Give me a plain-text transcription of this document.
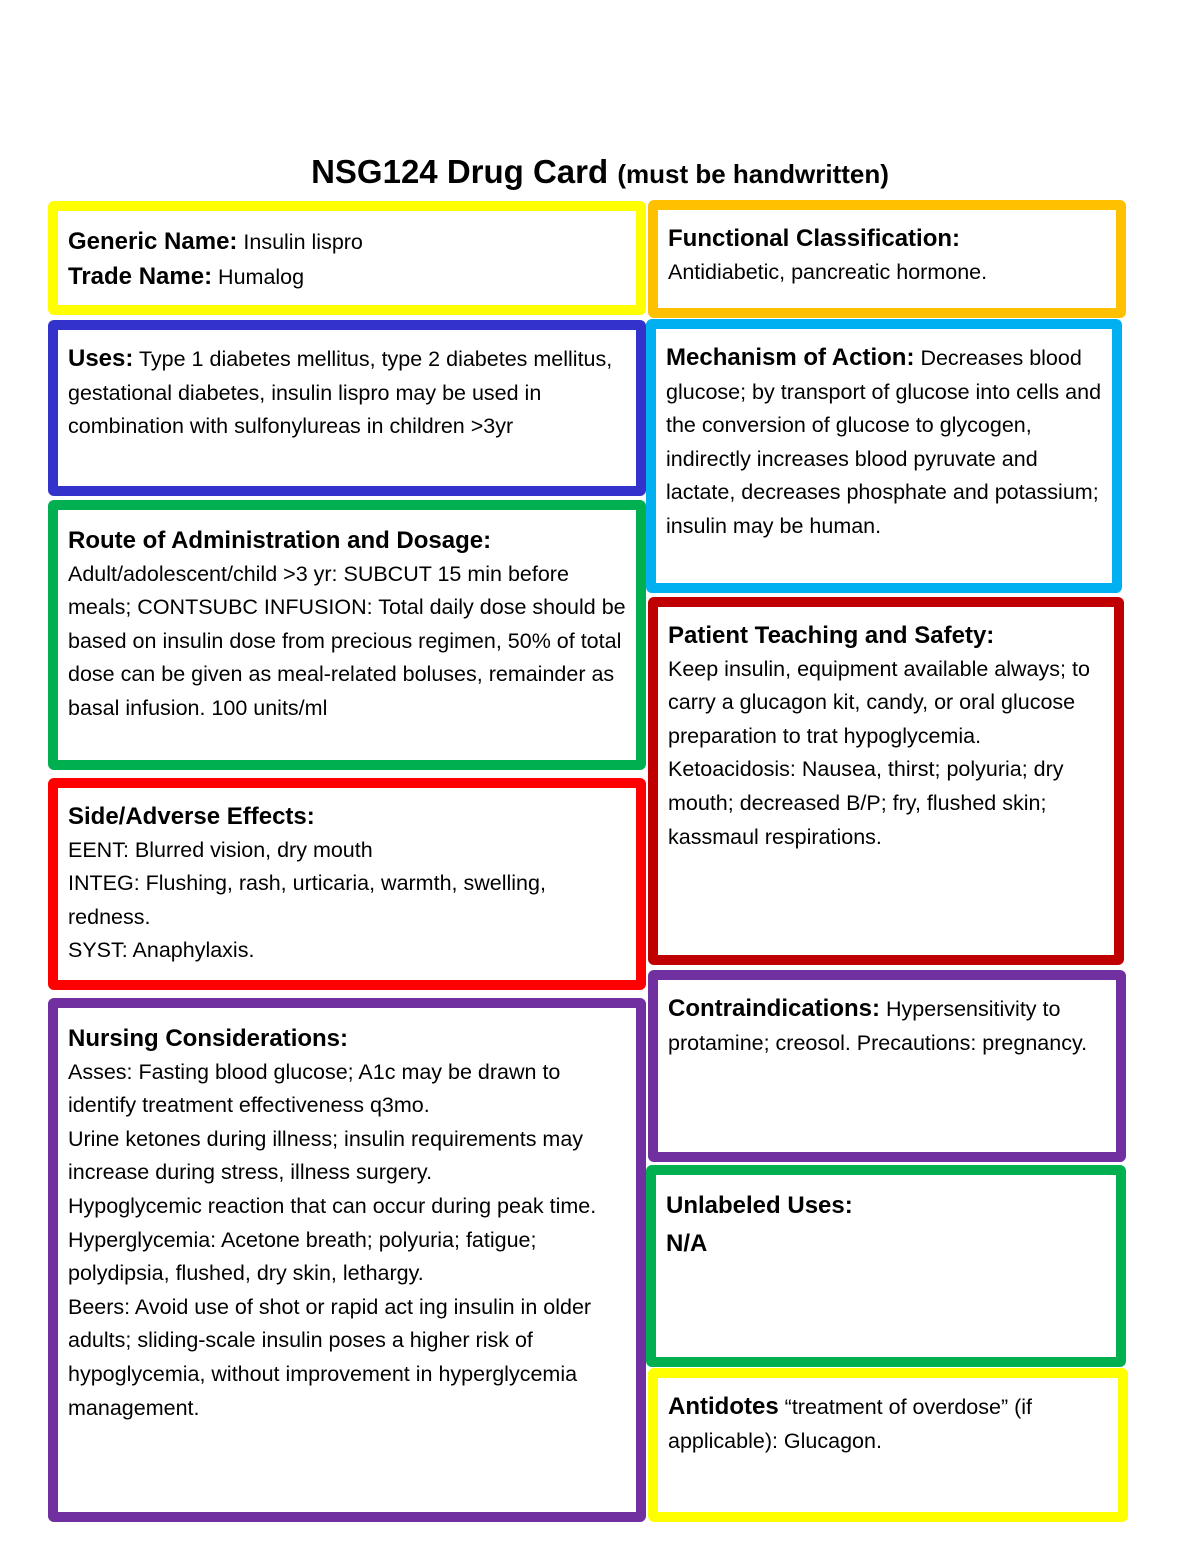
NSG124 Drug Card (must be handwritten)

Generic Name: Insulin lispro

Trade Name: Humalog

Functional Classification:

Antidiabetic, pancreatic hormone.

Uses: Type 1 diabetes mellitus, type 2 diabetes mellitus, gestational diabetes, insulin lispro may be used in combination with sulfonylureas in children >3yr

Mechanism of Action: Decreases blood glucose; by transport of glucose into cells and the conversion of glucose to glycogen, indirectly increases blood pyruvate and lactate, decreases phosphate and potassium; insulin may be human.

Route of Administration and Dosage:

Adult/adolescent/child >3 yr: SUBCUT 15 min before meals; CONTSUBC INFUSION: Total daily dose should be based on insulin dose from precious regimen, 50% of total dose can be given as meal-related boluses, remainder as basal infusion. 100 units/ml

Patient Teaching and Safety:

Keep insulin, equipment available always; to carry a glucagon kit, candy, or oral glucose preparation to trat hypoglycemia.

Ketoacidosis: Nausea, thirst; polyuria; dry mouth; decreased B/P; fry, flushed skin; kassmaul respirations.

Side/Adverse Effects:

EENT: Blurred vision, dry mouth

INTEG: Flushing, rash, urticaria, warmth, swelling, redness.

SYST: Anaphylaxis.

Contraindications: Hypersensitivity to protamine; creosol. Precautions: pregnancy.

Nursing Considerations:

Asses: Fasting blood glucose; A1c may be drawn to identify treatment effectiveness q3mo.

Urine ketones during illness; insulin requirements may increase during stress, illness surgery.

Hypoglycemic reaction that can occur during peak time.

Hyperglycemia: Acetone breath; polyuria; fatigue; polydipsia, flushed, dry skin, lethargy.

Beers: Avoid use of shot or rapid act ing insulin in older adults; sliding-scale insulin poses a higher risk of hypoglycemia, without improvement in hyperglycemia management.

Unlabeled Uses:

N/A

Antidotes “treatment of overdose” (if applicable): Glucagon.
